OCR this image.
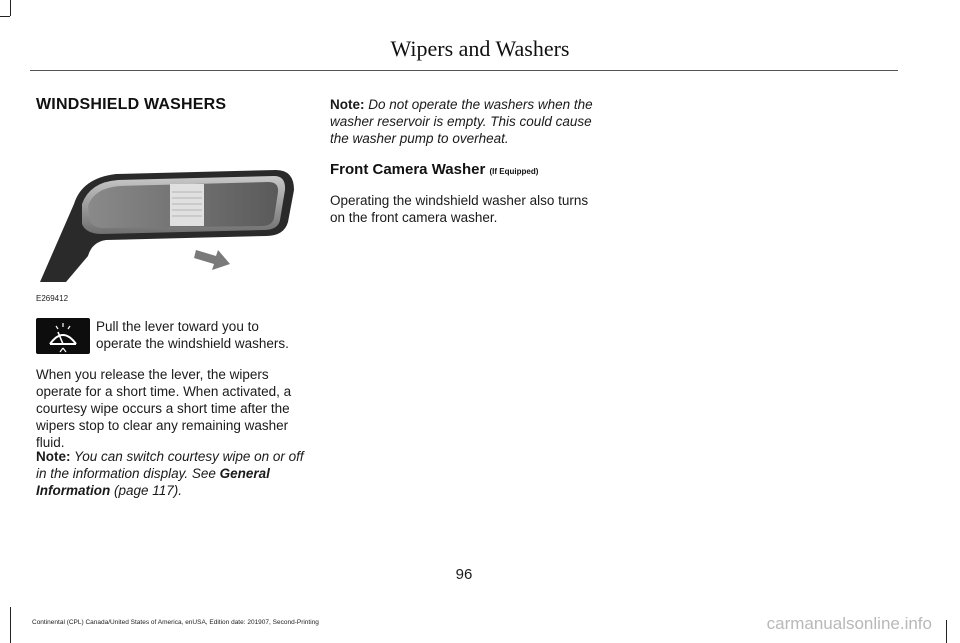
Wipers and Washers
WINDSHIELD WASHERS
E269412
Pull the lever toward you to operate the windshield washers.

When you release the lever, the wipers operate for a short time. When activated, a courtesy wipe occurs a short time after the wipers stop to clear any remaining washer fluid.

Note: You can switch courtesy wipe on or off in the information display. See General Information (page 117).

Note: Do not operate the washers when the washer reservoir is empty. This could cause the washer pump to overheat.

Front Camera Washer (If Equipped)
Operating the windshield washer also turns on the front camera washer.
96
Continental (CPL) Canada/United States of America, enUSA, Edition date: 201907, Second-Printing	carmanualsonline.info
